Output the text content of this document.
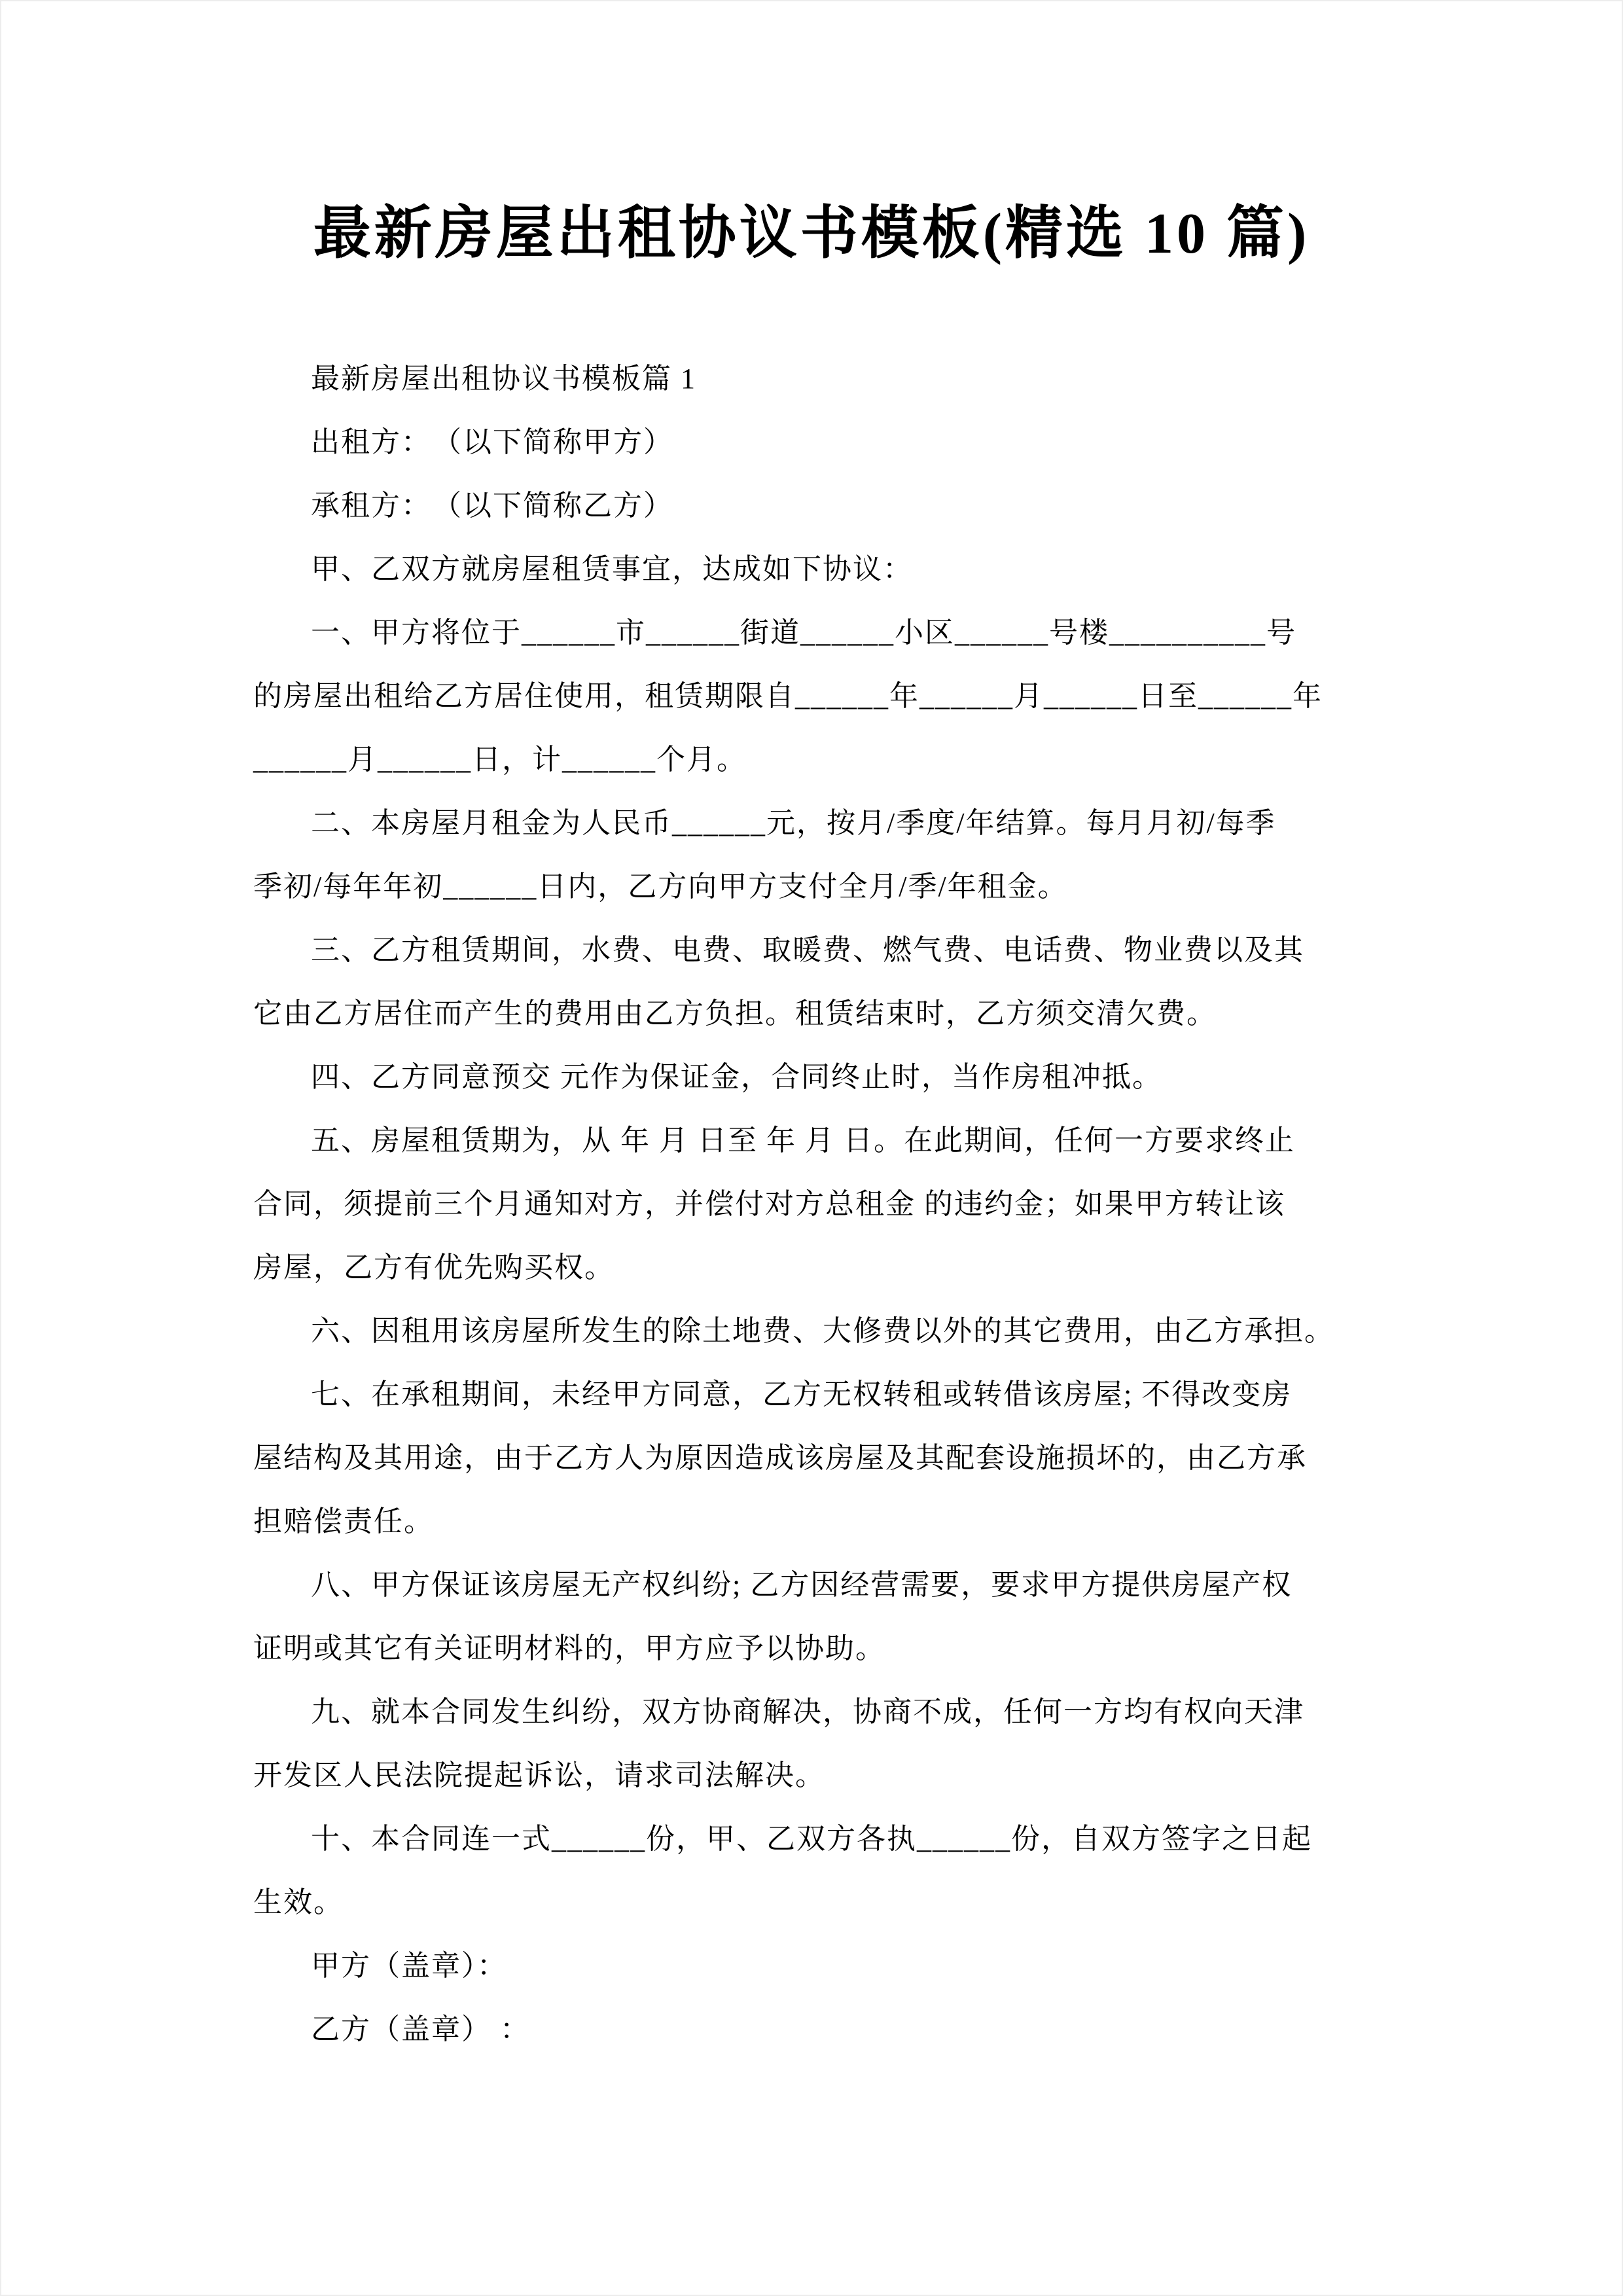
最新房屋出租协议书模板(精选 10 篇)
最新房屋出租协议书模板篇 1
出租方：　（以下简称甲方）
承租方：　（以下简称乙方）
甲、乙双方就房屋租赁事宜，达成如下协议：
一、甲方将位于______市______街道______小区______号楼__________号
的房屋出租给乙方居住使用，租赁期限自______年______月______日至______年
______月______日，计______个月。
二、本房屋月租金为人民币______元，按月/季度/年结算。每月月初/每季
季初/每年年初______日内，乙方向甲方支付全月/季/年租金。
三、乙方租赁期间，水费、电费、取暖费、燃气费、电话费、物业费以及其
它由乙方居住而产生的费用由乙方负担。租赁结束时，乙方须交清欠费。
四、乙方同意预交 元作为保证金，合同终止时，当作房租冲抵。
五、房屋租赁期为，从 年 月 日至 年 月 日。在此期间，任何一方要求终止
合同，须提前三个月通知对方，并偿付对方总租金 的违约金；如果甲方转让该
房屋，乙方有优先购买权。
六、因租用该房屋所发生的除土地费、大修费以外的其它费用，由乙方承担。
七、在承租期间，未经甲方同意，乙方无权转租或转借该房屋; 不得改变房
屋结构及其用途，由于乙方人为原因造成该房屋及其配套设施损坏的，由乙方承
担赔偿责任。
八、甲方保证该房屋无产权纠纷; 乙方因经营需要，要求甲方提供房屋产权
证明或其它有关证明材料的，甲方应予以协助。
九、就本合同发生纠纷，双方协商解决，协商不成，任何一方均有权向天津
开发区人民法院提起诉讼，请求司法解决。
十、本合同连一式______份，甲、乙双方各执______份，自双方签字之日起
生效。
甲方（盖章）：
乙方（盖章） ：
